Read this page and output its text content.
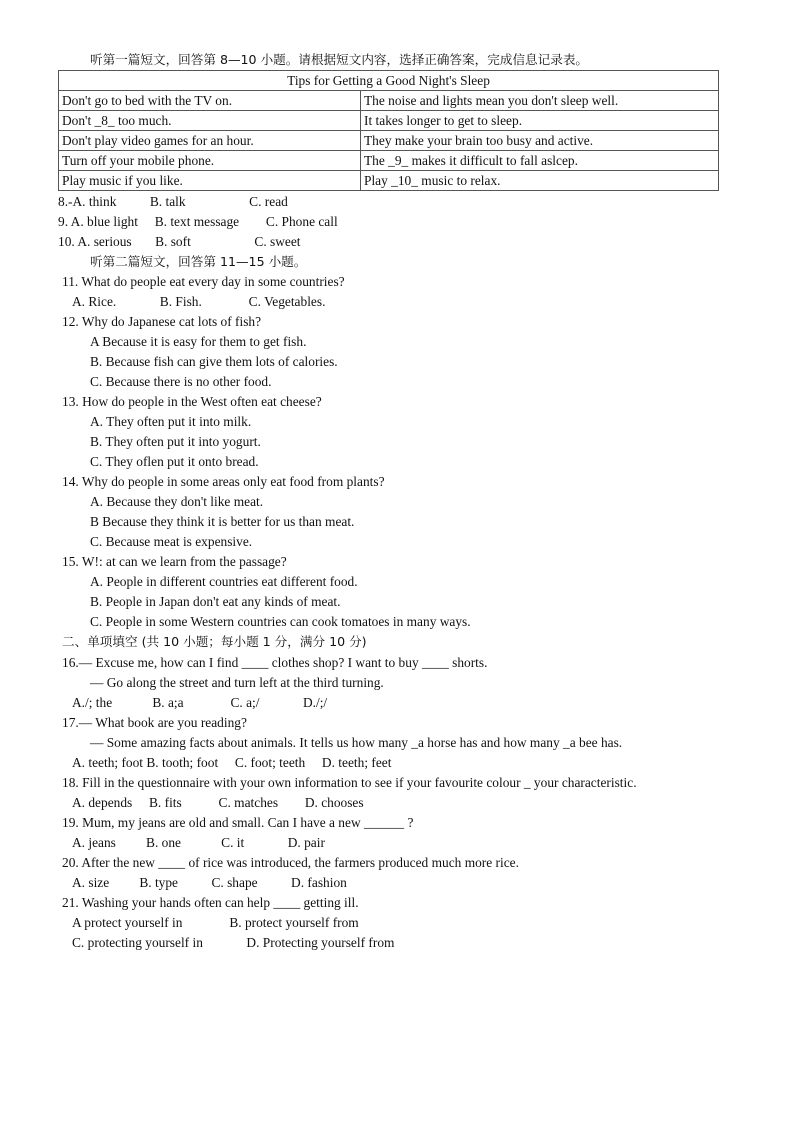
听第一篇短文，回答第 8—10 小题。请根据短文内容，选择正确答案，完成信息记录表。
Tips for Getting a Good Night's Sleep	
Don't go to bed with the TV on.	The noise and lights mean you don't sleep well.
Don't _8_ too much.	It takes longer to get to sleep.
Don't play video games for an hour.	They make your brain too busy and active.
Turn off your mobile phone.	The _9_ makes it difficult to fall aslcep.
Play music if you like.	Play _10_ music to relax.
8.-A. think          B. talk                   C. read
9. A. blue light     B. text message        C. Phone call
10. A. serious       B. soft                   C. sweet
听第二篇短文，回答第 11—15 小题。
11. What do people eat every day in some countries?
A. Rice.             B. Fish.              C. Vegetables.
12. Why do Japanese cat lots of fish?
A Because it is easy for them to get fish.
B. Because fish can give them lots of calories.
C. Because there is no other food.
13. How do people in the West often eat cheese?
A. They often put it into milk.
B. They often put it into yogurt.
C. They oflen put it onto bread.
14. Why do people in some areas only eat food from plants?
A. Because they don't like meat.
B Because they think it is better for us than meat.
C. Because meat is expensive.
15. W!: at can we learn from the passage?
A. People in different countries eat different food.
B. People in Japan don't eat any kinds of meat.
C. People in some Western countries can cook tomatoes in many ways.
二、单项填空 (共 10 小题；每小题 1 分，满分 10 分)
16.— Excuse me, how can I find ____ clothes shop? I want to buy ____ shorts.
— Go along the street and turn left at the third turning.
A./; the            B. a;a              C. a;/             D./;/
17.— What book are you reading?
— Some amazing facts about animals. It tells us how many _a horse has and how many _a bee has.
A. teeth; foot B. tooth; foot     C. foot; teeth     D. teeth; feet
18. Fill in the questionnaire with your own information to see if your favourite colour _ your characteristic.
A. depends     B. fits           C. matches        D. chooses
19. Mum, my jeans are old and small. Can I have a new ______ ?
A. jeans         B. one            C. it             D. pair
20. After the new ____ of rice was introduced, the farmers produced much more rice.
A. size         B. type          C. shape          D. fashion
21. Washing your hands often can help ____ getting ill.
A protect yourself in              B. protect yourself from
C. protecting yourself in             D. Protecting yourself from
